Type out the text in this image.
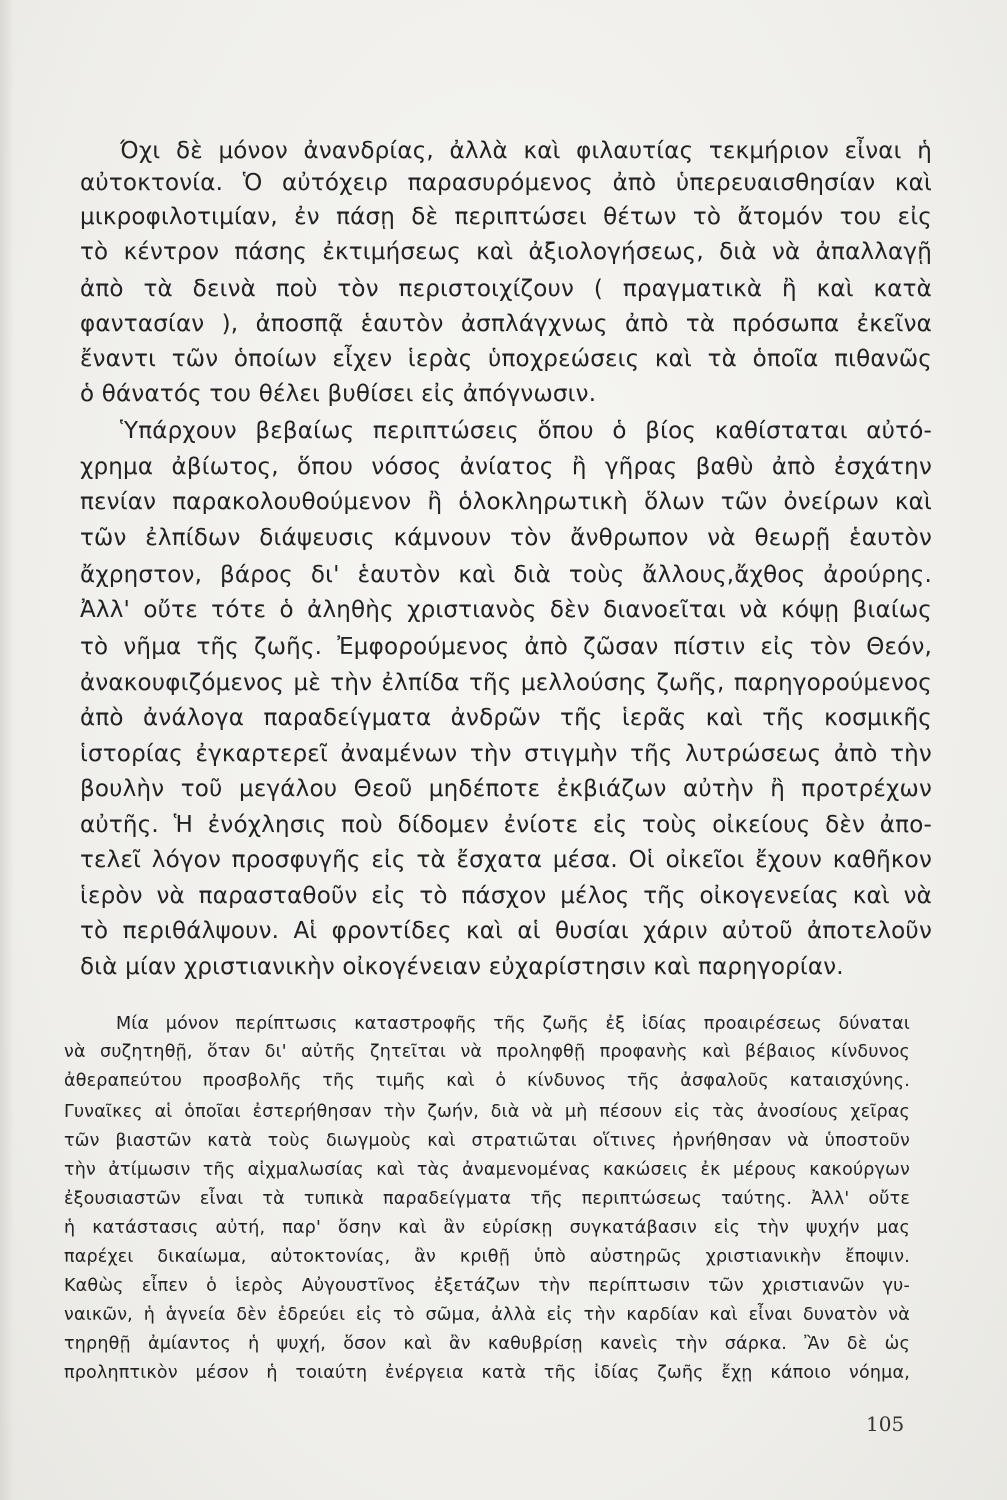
Όχι δὲ μόνον ἀνανδρίας, ἀλλὰ καὶ φιλαυτίας τεκμήριον εἶναι ἡ
αὐτοκτονία. Ὁ αὐτόχειρ παρασυρόμενος ἀπὸ ὑπερευαισθησίαν καὶ
μικροφιλοτιμίαν, ἐν πάσῃ δὲ περιπτώσει θέτων τὸ ἄτομόν του εἰς
τὸ κέντρον πάσης ἐκτιμήσεως καὶ ἀξιολογήσεως, διὰ νὰ ἀπαλλαγῇ
ἀπὸ τὰ δεινὰ ποὺ τὸν περιστοιχίζουν ( πραγματικὰ ἢ καὶ κατὰ
φαντασίαν ), ἀποσπᾷ ἑαυτὸν ἀσπλάγχνως ἀπὸ τὰ πρόσωπα ἐκεῖνα
ἔναντι τῶν ὁποίων εἶχεν ἱερὰς ὑποχρεώσεις καὶ τὰ ὁποῖα πιθανῶς
ὁ θάνατός του θέλει βυθίσει εἰς ἀπόγνωσιν.
Ὑπάρχουν βεβαίως περιπτώσεις ὅπου ὁ βίος καθίσταται αὐτό-
χρημα ἀβίωτος, ὅπου νόσος ἀνίατος ἢ γῆρας βαθὺ ἀπὸ ἐσχάτην
πενίαν παρακολουθούμενον ἢ ὁλοκληρωτικὴ ὅλων τῶν ὀνείρων καὶ
τῶν ἐλπίδων διάψευσις κάμνουν τὸν ἄνθρωπον νὰ θεωρῇ ἑαυτὸν
ἄχρηστον, βάρος δι' ἑαυτὸν καὶ διὰ τοὺς ἄλλους,ἄχθος ἀρούρης.
Ἀλλ' οὔτε τότε ὁ ἀληθὴς χριστιανὸς δὲν διανοεῖται νὰ κόψῃ βιαίως
τὸ νῆμα τῆς ζωῆς. Ἐμφορούμενος ἀπὸ ζῶσαν πίστιν εἰς τὸν Θεόν,
ἀνακουφιζόμενος μὲ τὴν ἐλπίδα τῆς μελλούσης ζωῆς, παρηγορούμενος
ἀπὸ ἀνάλογα παραδείγματα ἀνδρῶν τῆς ἱερᾶς καὶ τῆς κοσμικῆς
ἱστορίας ἐγκαρτερεῖ ἀναμένων τὴν στιγμὴν τῆς λυτρώσεως ἀπὸ τὴν
βουλὴν τοῦ μεγάλου Θεοῦ μηδέποτε ἐκβιάζων αὐτὴν ἢ προτρέχων
αὐτῆς. Ἡ ἐνόχλησις ποὺ δίδομεν ἐνίοτε εἰς τοὺς οἰκείους δὲν ἀπο-
τελεῖ λόγον προσφυγῆς εἰς τὰ ἔσχατα μέσα. Οἱ οἰκεῖοι ἔχουν καθῆκον
ἱερὸν νὰ παρασταθοῦν εἰς τὸ πάσχον μέλος τῆς οἰκογενείας καὶ νὰ
τὸ περιθάλψουν. Αἱ φροντίδες καὶ αἱ θυσίαι χάριν αὐτοῦ ἀποτελοῦν
διὰ μίαν χριστιανικὴν οἰκογένειαν εὐχαρίστησιν καὶ παρηγορίαν.
Μία μόνον περίπτωσις καταστροφῆς τῆς ζωῆς ἐξ ἰδίας προαιρέσεως δύναται
νὰ συζητηθῇ, ὅταν δι' αὐτῆς ζητεῖται νὰ προληφθῇ προφανὴς καὶ βέβαιος κίνδυνος
ἀθεραπεύτου προσβολῆς τῆς τιμῆς καὶ ὁ κίνδυνος τῆς ἀσφαλοῦς καταισχύνης.
Γυναῖκες αἱ ὁποῖαι ἐστερήθησαν τὴν ζωήν, διὰ νὰ μὴ πέσουν εἰς τὰς ἀνοσίους χεῖρας
τῶν βιαστῶν κατὰ τοὺς διωγμοὺς καὶ στρατιῶται οἵτινες ἠρνήθησαν νὰ ὑποστοῦν
τὴν ἀτίμωσιν τῆς αἰχμαλωσίας καὶ τὰς ἀναμενομένας κακώσεις ἐκ μέρους κακούργων
ἐξουσιαστῶν εἶναι τὰ τυπικὰ παραδείγματα τῆς περιπτώσεως ταύτης. Ἀλλ' οὔτε
ἡ κατάστασις αὐτή, παρ' ὅσην καὶ ἂν εὑρίσκῃ συγκατάβασιν εἰς τὴν ψυχήν μας
παρέχει δικαίωμα, αὐτοκτονίας, ἂν κριθῇ ὑπὸ αὐστηρῶς χριστιανικὴν ἔποψιν.
Καθὼς εἶπεν ὁ ἱερὸς Αὐγουστῖνος ἐξετάζων τὴν περίπτωσιν τῶν χριστιανῶν γυ-
ναικῶν, ἡ ἁγνεία δὲν ἑδρεύει εἰς τὸ σῶμα, ἀλλὰ εἰς τὴν καρδίαν καὶ εἶναι δυνατὸν νὰ
τηρηθῇ ἀμίαντος ἡ ψυχή, ὅσον καὶ ἂν καθυβρίσῃ κανεὶς τὴν σάρκα. Ἂν δὲ ὡς
προληπτικὸν μέσον ἡ τοιαύτη ἐνέργεια κατὰ τῆς ἰδίας ζωῆς ἔχῃ κάποιο νόημα,
105
